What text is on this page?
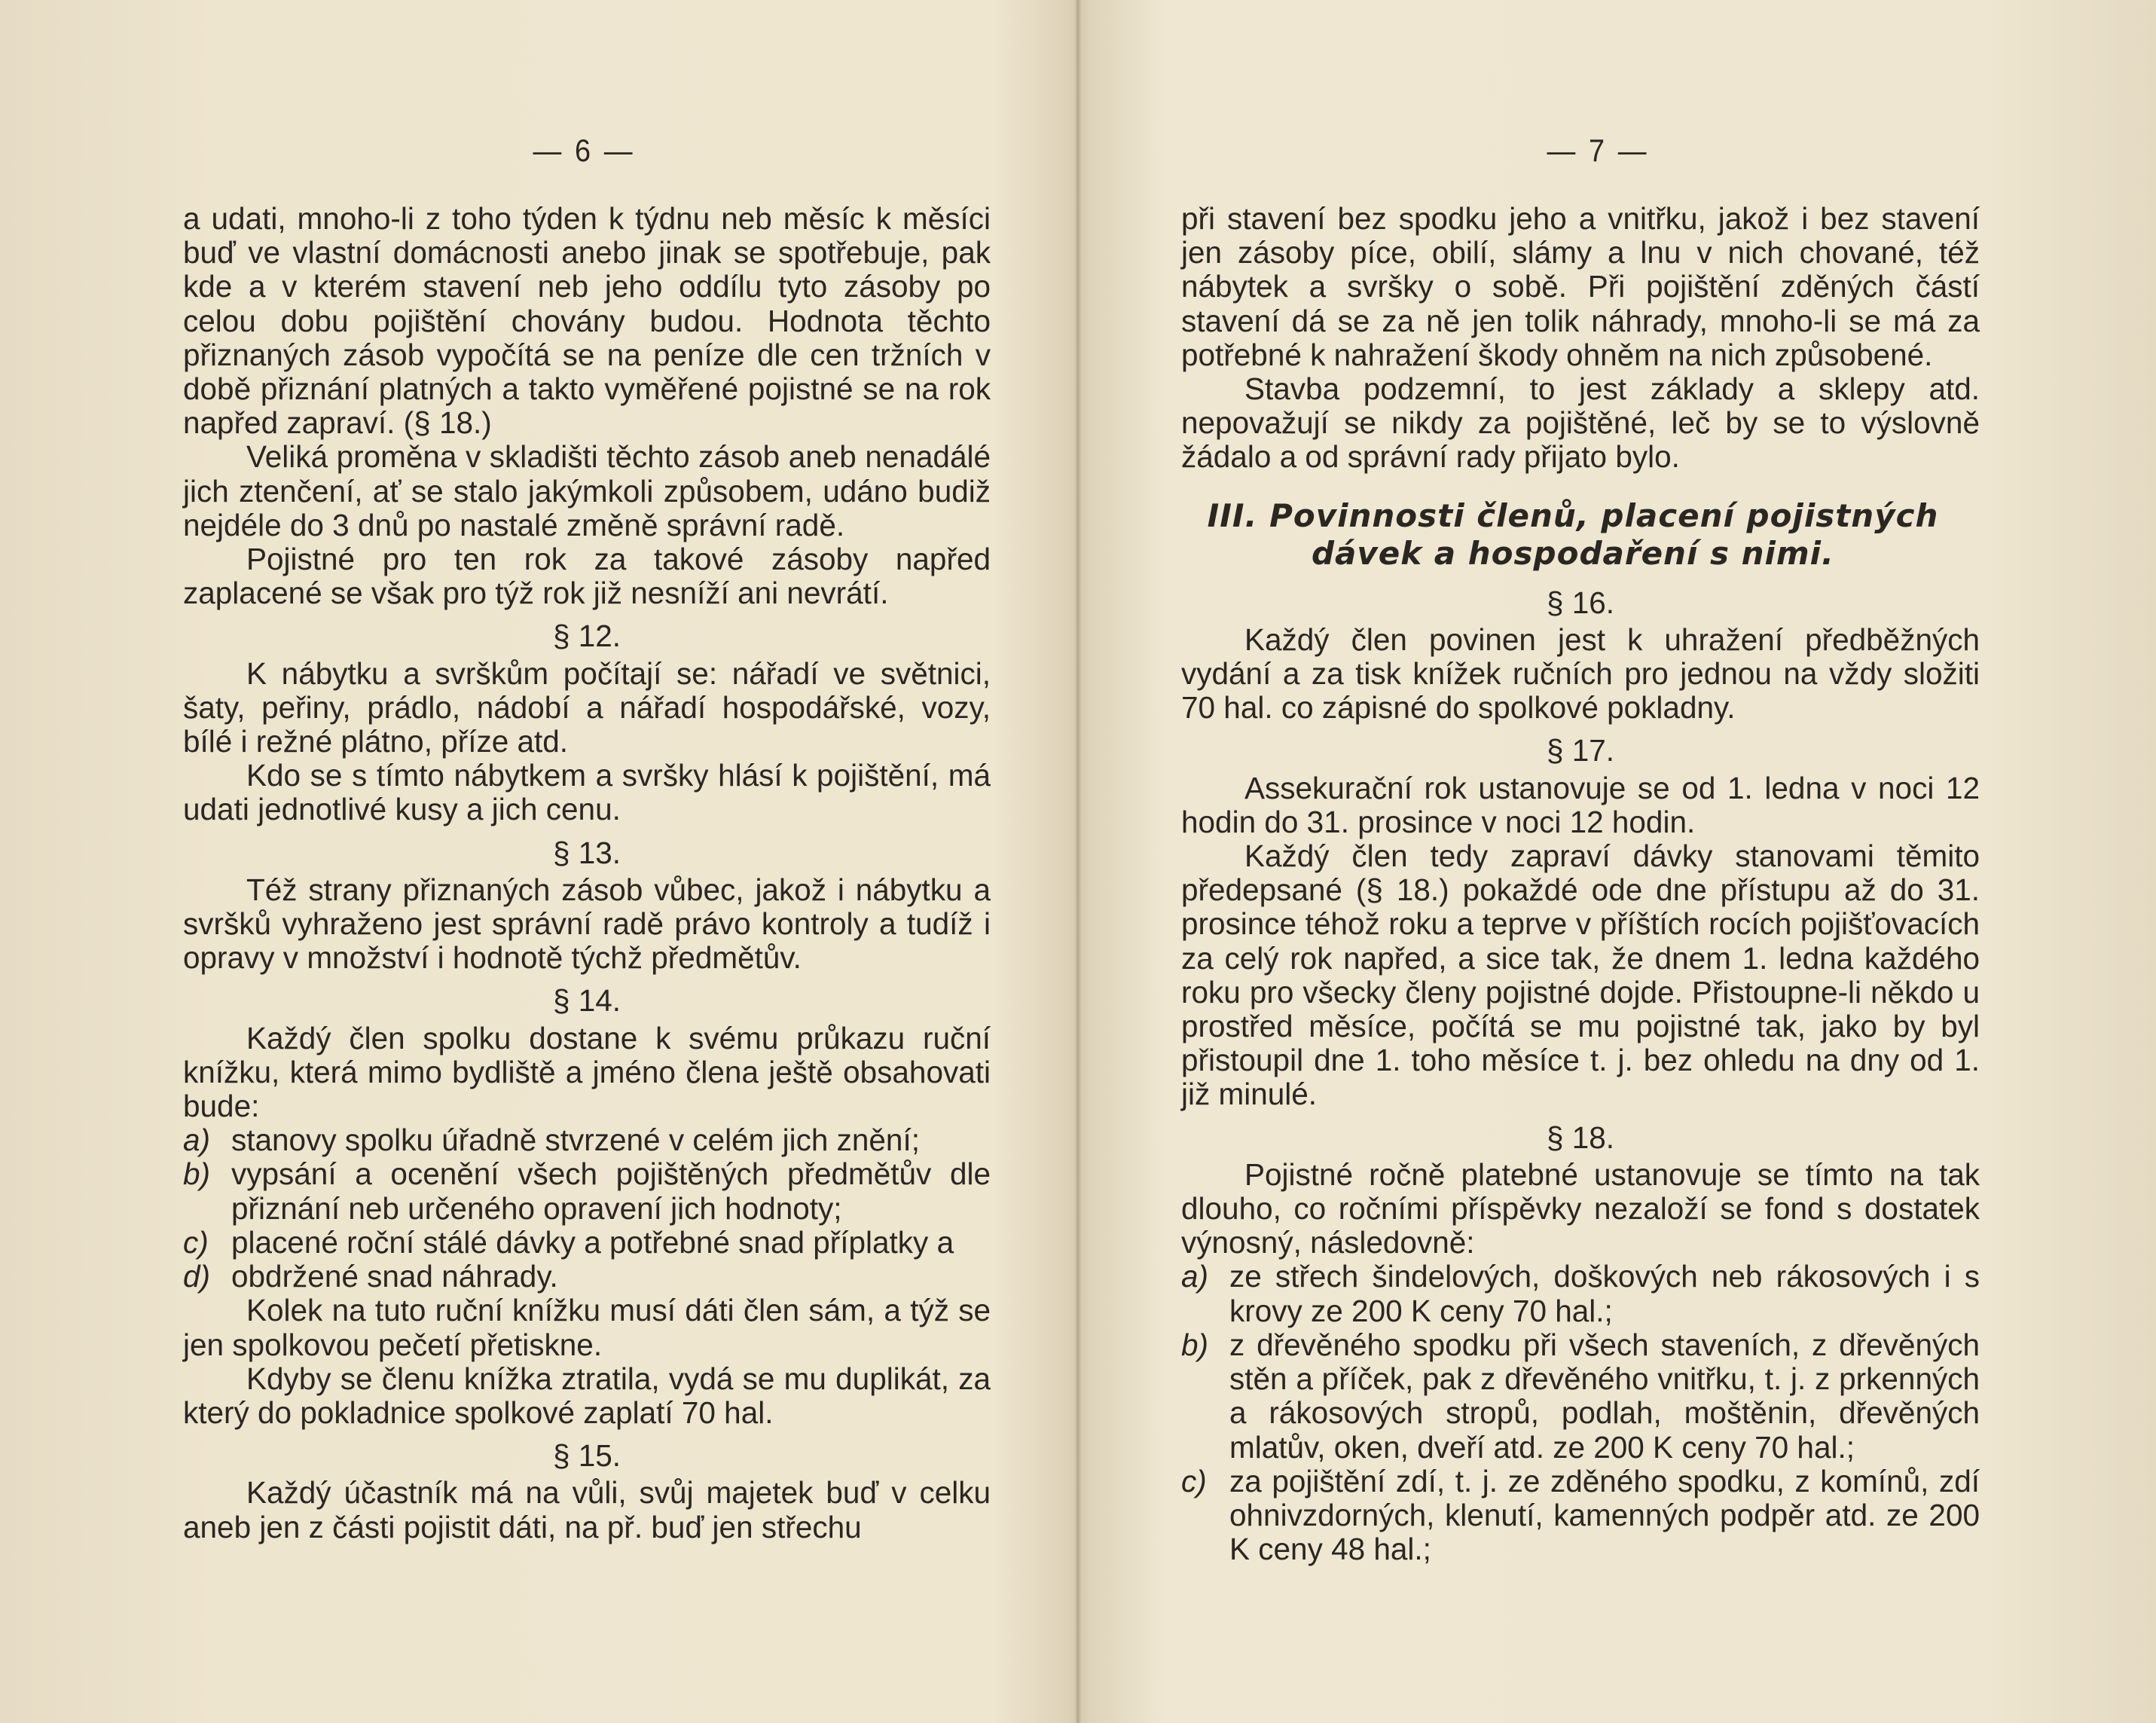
— 6 —

a udati, mnoho-li z toho týden k týdnu neb měsíc k měsíci buď ve vlastní domácnosti anebo jinak se spotřebuje, pak kde a v kterém stavení neb jeho oddílu tyto zásoby po celou dobu pojištění chovány budou. Hodnota těchto přiznaných zásob vypočítá se na peníze dle cen tržních v době přiznání platných a takto vyměřené pojistné se na rok napřed zapraví. (§ 18.)

Veliká proměna v skladišti těchto zásob aneb nenadálé jich ztenčení, ať se stalo jakýmkoli způsobem, udáno budiž nejdéle do 3 dnů po nastalé změně správní radě.

Pojistné pro ten rok za takové zásoby napřed zaplacené se však pro týž rok již nesníží ani nevrátí.

§ 12.

K nábytku a svrškům počítají se: nářadí ve světnici, šaty, peřiny, prádlo, nádobí a nářadí hospodářské, vozy, bílé i režné plátno, příze atd.

Kdo se s tímto nábytkem a svršky hlásí k pojištění, má udati jednotlivé kusy a jich cenu.

§ 13.

Též strany přiznaných zásob vůbec, jakož i nábytku a svršků vyhraženo jest správní radě právo kontroly a tudíž i opravy v množství i hodnotě týchž předmětův.

§ 14.

Každý člen spolku dostane k svému průkazu ruční knížku, která mimo bydliště a jméno člena ještě obsahovati bude:

a) stanovy spolku úřadně stvrzené v celém jich znění;
b) vypsání a ocenění všech pojištěných předmětův dle přiznání neb určeného opravení jich hodnoty;
c) placené roční stálé dávky a potřebné snad příplatky a
d) obdržené snad náhrady.

Kolek na tuto ruční knížku musí dáti člen sám, a týž se jen spolkovou pečetí přetiskne.

Kdyby se členu knížka ztratila, vydá se mu duplikát, za který do pokladnice spolkové zaplatí 70 hal.

§ 15.

Každý účastník má na vůli, svůj majetek buď v celku aneb jen z části pojistit dáti, na př. buď jen střechu

— 7 —

při stavení bez spodku jeho a vnitřku, jakož i bez stavení jen zásoby píce, obilí, slámy a lnu v nich chované, též nábytek a svršky o sobě. Při pojištění zděných částí stavení dá se za ně jen tolik náhrady, mnoho-li se má za potřebné k nahražení škody ohněm na nich způsobené.

Stavba podzemní, to jest základy a sklepy atd. nepovažují se nikdy za pojištěné, leč by se to výslovně žádalo a od správní rady přijato bylo.

III. Povinnosti členů, placení pojistných
dávek a hospodaření s nimi.
§ 16.

Každý člen povinen jest k uhražení předběžných vydání a za tisk knížek ručních pro jednou na vždy složiti 70 hal. co zápisné do spolkové pokladny.

§ 17.

Assekurační rok ustanovuje se od 1. ledna v noci 12 hodin do 31. prosince v noci 12 hodin.

Každý člen tedy zapraví dávky stanovami těmito předepsané (§ 18.) pokaždé ode dne přístupu až do 31. prosince téhož roku a teprve v příštích rocích pojišťovacích za celý rok napřed, a sice tak, že dnem 1. ledna každého roku pro všecky členy pojistné dojde. Přistoupne-li někdo u prostřed měsíce, počítá se mu pojistné tak, jako by byl přistoupil dne 1. toho měsíce t. j. bez ohledu na dny od 1. již minulé.

§ 18.

Pojistné ročně platebné ustanovuje se tímto na tak dlouho, co ročními příspěvky nezaloží se fond s dostatek výnosný, následovně:

a) ze střech šindelových, doškových neb rákosových i s krovy ze 200 K ceny 70 hal.;
b) z dřevěného spodku při všech staveních, z dřevěných stěn a příček, pak z dřevěného vnitřku, t. j. z prkenných a rákosových stropů, podlah, moštěnin, dřevěných mlatův, oken, dveří atd. ze 200 K ceny 70 hal.;
c) za pojištění zdí, t. j. ze zděného spodku, z komínů, zdí ohnivzdorných, klenutí, kamenných podpěr atd. ze 200 K ceny 48 hal.;
